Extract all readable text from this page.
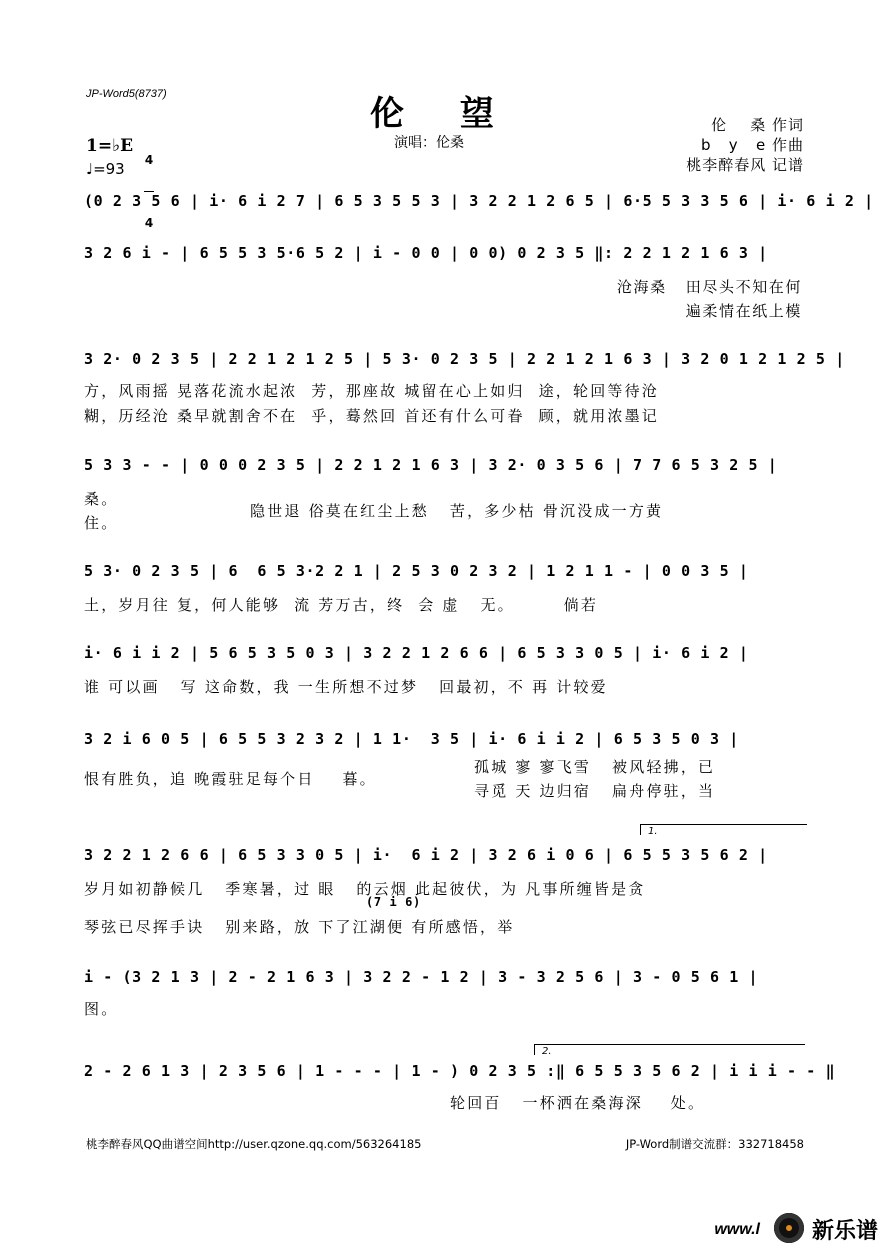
JP-Word5(8737)	伦 望
演唱：伦桑
伦    桑 作词
b   y   e 作曲
桃李醉春风 记谱
1=♭E

4

4

♩=93
(0 2 3 5 6 | i· 6 i 2 7 | 6 5 3 5 5 3 | 3 2 2 1 2 6 5 | 6·5 5 3 3 5 6 | i· 6 i 2 |
3 2 6 i - | 6 5 5 3 5·6 5 2 | i - 0 0 | 0 0) 0 2 3 5 ‖: 2 2 1 2 1 6 3 |
沧海桑   田尽头不知在何
遍柔情在纸上模
3 2· 0 2 3 5 | 2 2 1 2 1 2 5 | 5 3· 0 2 3 5 | 2 2 1 2 1 6 3 | 3 2 0 1 2 1 2 5 |
方，风雨摇 晃落花流水起浓  芳，那座故 城留在心上如归  途，轮回等待沧
糊，历经沧 桑早就割舍不在  乎，蓦然回 首还有什么可眷  顾，就用浓墨记
5 3 3 - - | 0 0 0 2 3 5 | 2 2 1 2 1 6 3 | 3 2· 0 3 5 6 | 7 7 6 5 3 2 5 |
桑。
住。
隐世退 俗莫在红尘上愁   苦，多少枯 骨沉没成一方黄
5 3· 0 2 3 5 | 6  6 5 3·2 2 1 | 2 5 3 0 2 3 2 | 1 2 1 1 - | 0 0 3 5 |
土，岁月往 复，何人能够  流 芳万古，终  会 虚   无。       倘若
i· 6 i i 2 | 5 6 5 3 5 0 3 | 3 2 2 1 2 6 6 | 6 5 3 3 0 5 | i· 6 i 2 |
谁 可以画   写 这命数，我 一生所想不过梦   回最初，不 再 计较爱
3 2 i 6 0 5 | 6 5 5 3 2 3 2 | 1 1·  3 5 | i· 6 i i 2 | 6 5 3 5 0 3 |
恨有胜负，追 晚霞驻足每个日    暮。
孤城 寥 寥飞雪   被风轻拂，已
寻觅 天 边归宿   扁舟停驻，当
1.
3 2 2 1 2 6 6 | 6 5 3 3 0 5 | i·  6 i 2 | 3 2 6 i 0 6 | 6 5 5 3 5 6 2 |
岁月如初静候几   季寒暑，过 眼   的云烟 此起彼伏，为 凡事所缠皆是贪
(7 i 6)
琴弦已尽挥手诀   别来路，放 下了江湖便 有所感悟，举
i - (3 2 1 3 | 2 - 2 1 6 3 | 3 2 2 - 1 2 | 3 - 3 2 5 6 | 3 - 0 5 6 1 |
图。
2.
2 - 2 6 1 3 | 2 3 5 6 | 1 - - - | 1 - ) 0 2 3 5 :‖ 6 5 5 3 5 6 2 | i i i - - ‖
轮回百   一杯洒在桑海深    处。
桃李醉春风QQ曲谱空间http://user.qzone.qq.com/563264185	JP-Word制谱交流群：332718458
www.l 新乐谱
